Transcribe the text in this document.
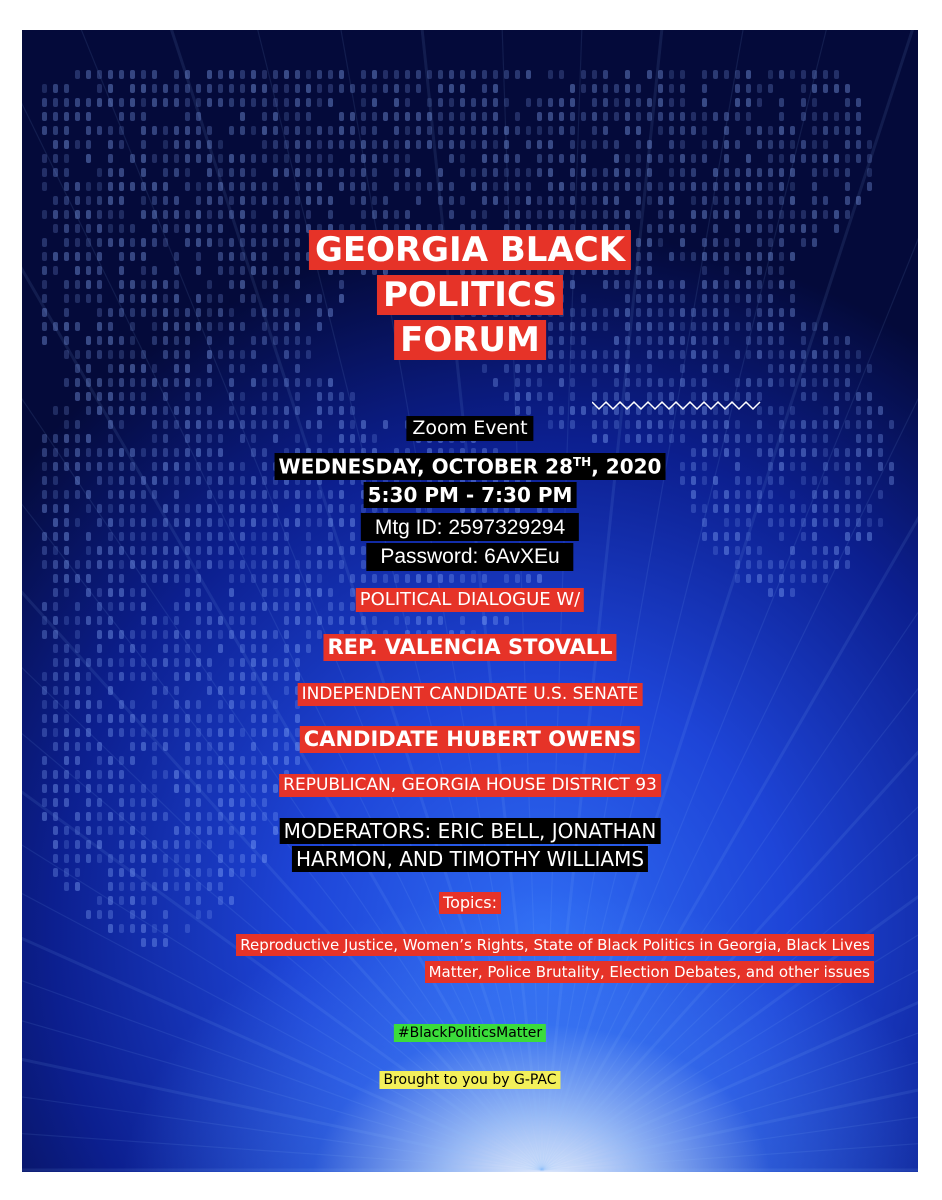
GEORGIA BLACK
POLITICS
FORUM
Zoom Event
WEDNESDAY, OCTOBER 28TH, 2020
5:30 PM - 7:30 PM
Mtg ID: 2597329294
Password: 6AvXEu
POLITICAL DIALOGUE W/
REP. VALENCIA STOVALL
INDEPENDENT CANDIDATE U.S. SENATE
CANDIDATE HUBERT OWENS
REPUBLICAN, GEORGIA HOUSE DISTRICT 93
MODERATORS: ERIC BELL, JONATHAN
HARMON, AND TIMOTHY WILLIAMS
Topics:
Reproductive Justice, Women’s Rights, State of Black Politics in Georgia, Black Lives
Matter, Police Brutality, Election Debates, and other issues
#BlackPoliticsMatter
Brought to you by G-PAC
